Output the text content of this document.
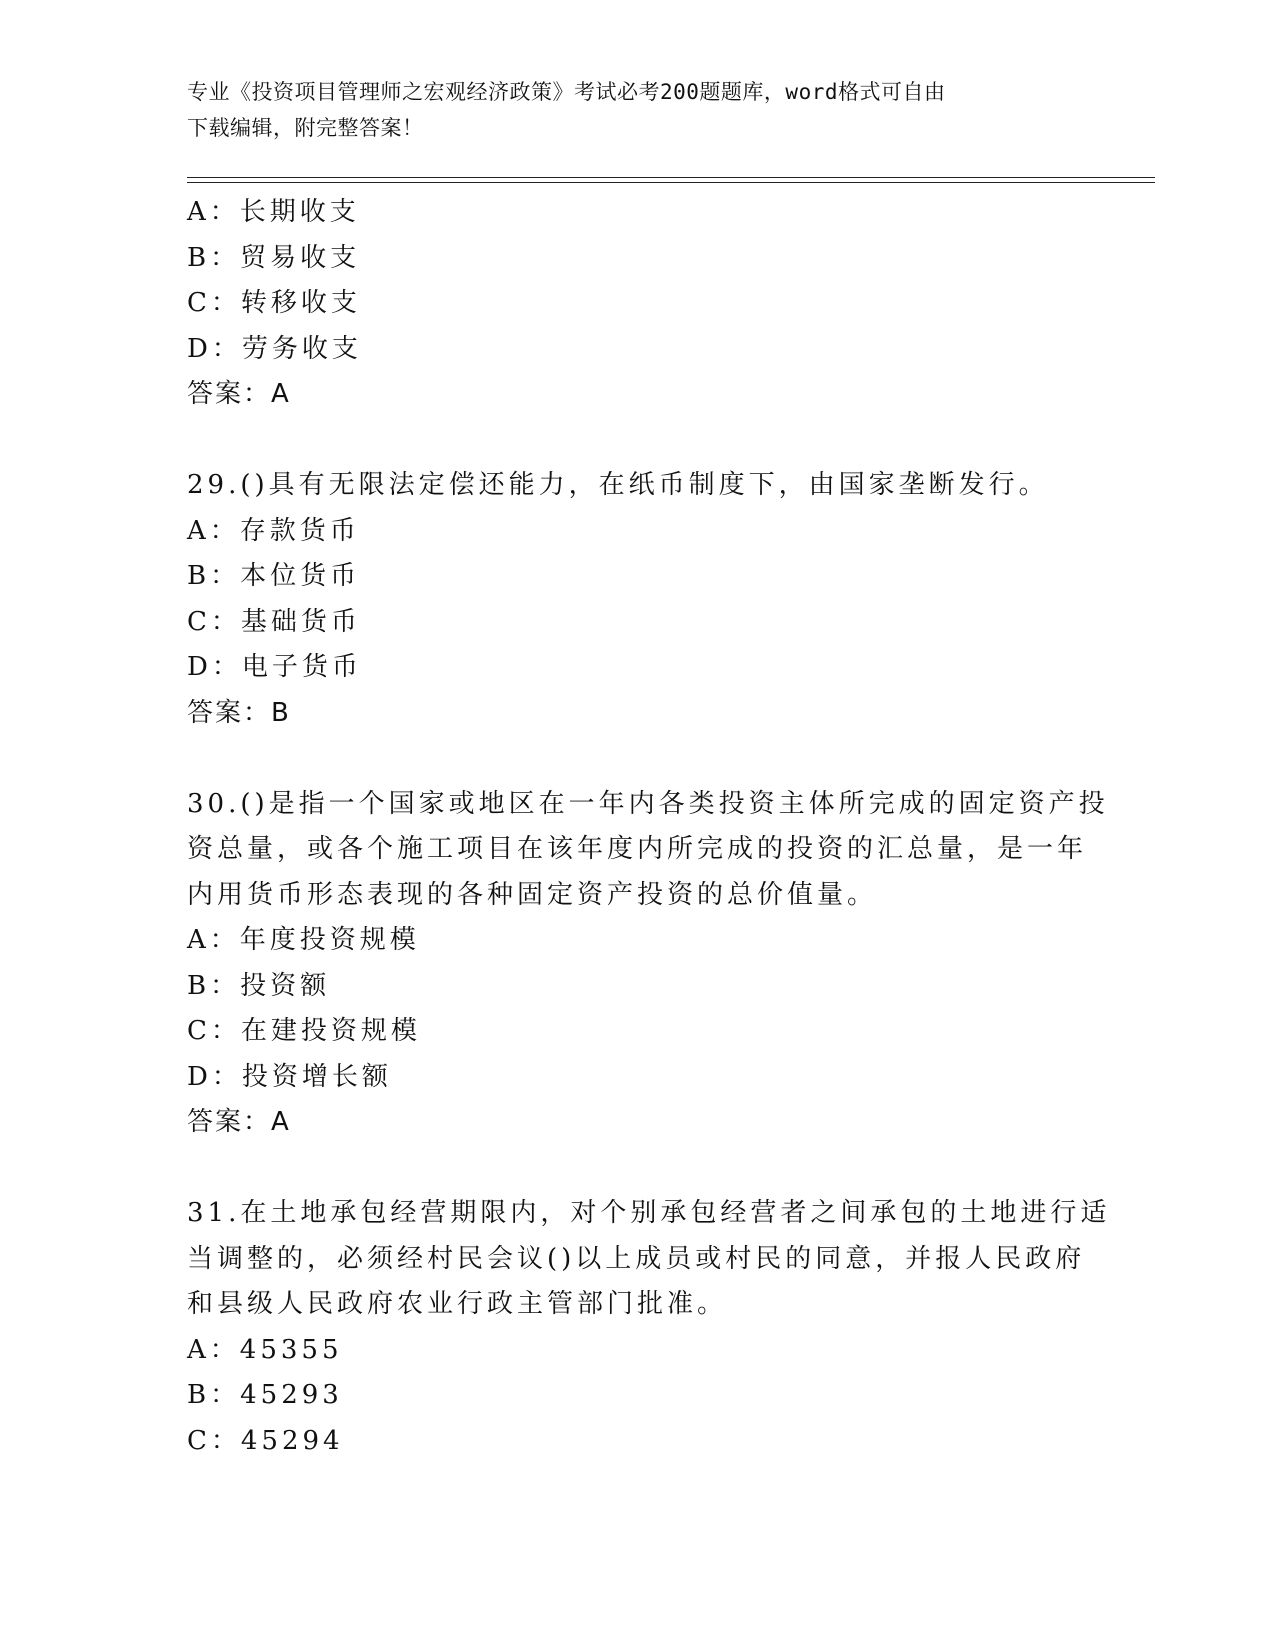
专业《投资项目管理师之宏观经济政策》考试必考200题题库，word格式可自由
下载编辑，附完整答案！
A：长期收支
B：贸易收支
C：转移收支
D：劳务收支
答案：A
29.()具有无限法定偿还能力，在纸币制度下，由国家垄断发行。
A：存款货币
B：本位货币
C：基础货币
D：电子货币
答案：B
30.()是指一个国家或地区在一年内各类投资主体所完成的固定资产投
资总量，或各个施工项目在该年度内所完成的投资的汇总量，是一年
内用货币形态表现的各种固定资产投资的总价值量。
A：年度投资规模
B：投资额
C：在建投资规模
D：投资增长额
答案：A
31.在土地承包经营期限内，对个别承包经营者之间承包的土地进行适
当调整的，必须经村民会议()以上成员或村民的同意，并报人民政府
和县级人民政府农业行政主管部门批准。
A：45355
B：45293
C：45294
